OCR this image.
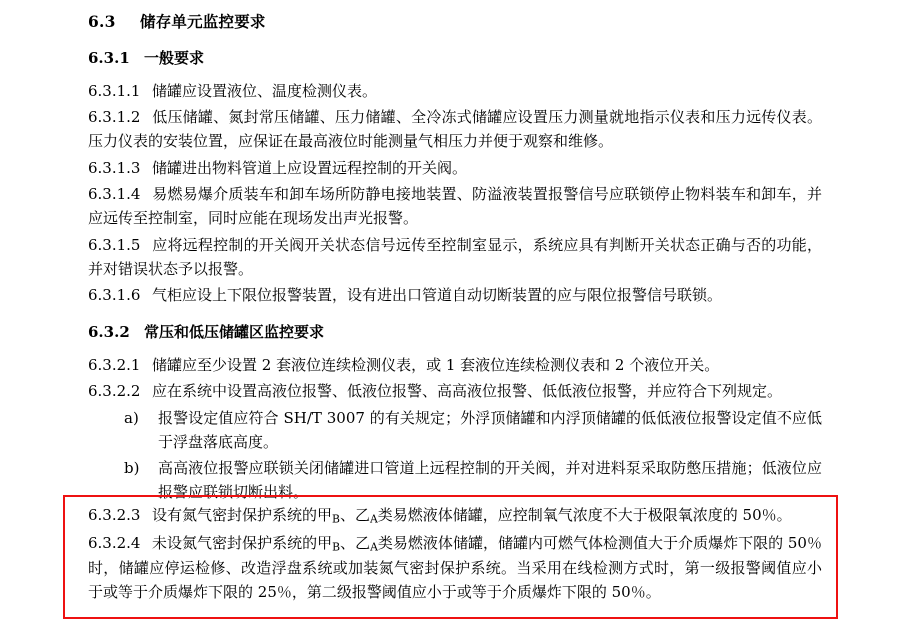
6.3 储存单元监控要求
6.3.1 一般要求

6.3.1.1 储罐应设置液位、温度检测仪表。

6.3.1.2 低压储罐、氮封常压储罐、压力储罐、全冷冻式储罐应设置压力测量就地指示仪表和压力远传仪表。压力仪表的安装位置，应保证在最高液位时能测量气相压力并便于观察和维修。

6.3.1.3 储罐进出物料管道上应设置远程控制的开关阀。

6.3.1.4 易燃易爆介质装车和卸车场所防静电接地装置、防溢液装置报警信号应联锁停止物料装车和卸车，并应远传至控制室，同时应能在现场发出声光报警。

6.3.1.5 应将远程控制的开关阀开关状态信号远传至控制室显示，系统应具有判断开关状态正确与否的功能，并对错误状态予以报警。

6.3.1.6 气柜应设上下限位报警装置，设有进出口管道自动切断装置的应与限位报警信号联锁。

6.3.2 常压和低压储罐区监控要求

6.3.2.1 储罐应至少设置 2 套液位连续检测仪表，或 1 套液位连续检测仪表和 2 个液位开关。

6.3.2.2 应在系统中设置高液位报警、低液位报警、高高液位报警、低低液位报警，并应符合下列规定。

a)	报警设定值应符合 SH/T 3007 的有关规定；外浮顶储罐和内浮顶储罐的低低液位报警设定值不应低于浮盘落底高度。

b)	高高液位报警应联锁关闭储罐进口管道上远程控制的开关阀，并对进料泵采取防憋压措施；低液位应报警应联锁切断出料。

6.3.2.3 设有氮气密封保护系统的甲$_B$、乙$_A$类易燃液体储罐，应控制氧气浓度不大于极限氧浓度的 50％。

6.3.2.4 未设氮气密封保护系统的甲$_B$、乙$_A$类易燃液体储罐，储罐内可燃气体检测值大于介质爆炸下限的 50％时，储罐应停运检修、改造浮盘系统或加装氮气密封保护系统。当采用在线检测方式时，第一级报警阈值应小于或等于介质爆炸下限的 25％，第二级报警阈值应小于或等于介质爆炸下限的 50％。
